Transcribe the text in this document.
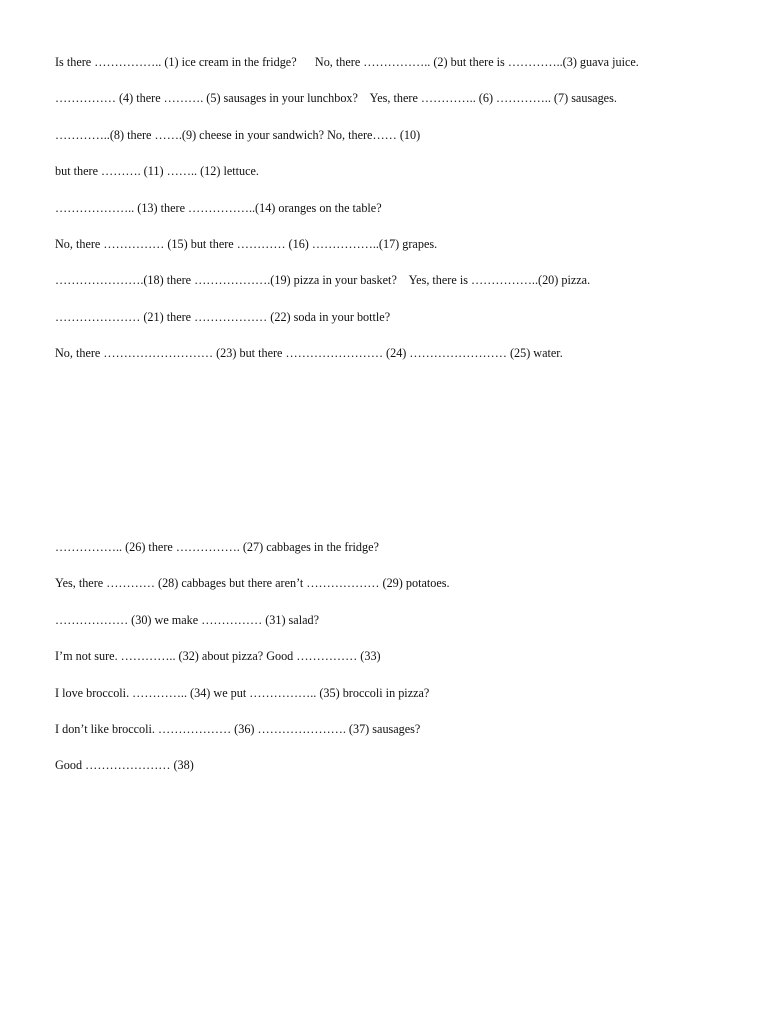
Is there …………….. (1) ice cream in the fridge?      No, there …………….. (2) but there is …………..(3) guava juice.
…………… (4) there ………. (5) sausages in your lunchbox?    Yes, there ………….. (6) ………….. (7) sausages.
…………..(8) there …….(9) cheese in your sandwich? No, there…… (10)
but there ………. (11) …….. (12) lettuce.
……………….. (13) there ……………..(14) oranges on the table?
No, there …………… (15) but there ………… (16) ……………..(17) grapes.
………………….(18) there ……………….(19) pizza in your basket?    Yes, there is ……………..(20) pizza.
………………… (21) there ……………… (22) soda in your bottle?
No, there ……………………… (23) but there …………………… (24) …………………… (25) water.
…………….. (26) there ……………. (27) cabbages in the fridge?
Yes, there ………… (28) cabbages but there aren’t ……………… (29) potatoes.
……………… (30) we make …………… (31) salad?
I’m not sure. ………….. (32) about pizza? Good …………… (33)
I love broccoli. ………….. (34) we put …………….. (35) broccoli in pizza?
I don’t like broccoli. ……………… (36) …………………. (37) sausages?
Good ………………… (38)
